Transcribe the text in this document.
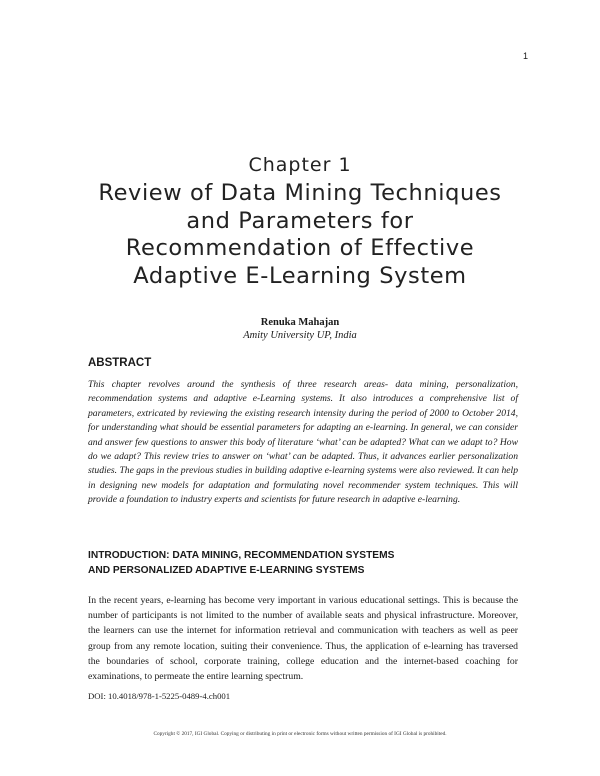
1
Chapter 1
Review of Data Mining Techniques and Parameters for Recommendation of Effective Adaptive E-Learning System
Renuka Mahajan
Amity University UP, India
ABSTRACT
This chapter revolves around the synthesis of three research areas- data mining, personalization, recommendation systems and adaptive e-Learning systems. It also introduces a comprehensive list of parameters, extricated by reviewing the existing research intensity during the period of 2000 to October 2014, for understanding what should be essential parameters for adapting an e-learning. In general, we can consider and answer few questions to answer this body of literature ‘what’ can be adapted? What can we adapt to? How do we adapt? This review tries to answer on ‘what’ can be adapted. Thus, it advances earlier personalization studies. The gaps in the previous studies in building adaptive e-learning systems were also reviewed. It can help in designing new models for adaptation and formulating novel recommender system techniques. This will provide a foundation to industry experts and scientists for future research in adaptive e-learning.
INTRODUCTION: DATA MINING, RECOMMENDATION SYSTEMS
AND PERSONALIZED ADAPTIVE E-LEARNING SYSTEMS
In the recent years, e-learning has become very important in various educational settings. This is because the number of participants is not limited to the number of available seats and physical infrastructure. Moreover, the learners can use the internet for information retrieval and communication with teachers as well as peer group from any remote location, suiting their convenience. Thus, the application of e-learning has traversed the boundaries of school, corporate training, college education and the internet-based coaching for examinations, to permeate the entire learning spectrum.
DOI: 10.4018/978-1-5225-0489-4.ch001
Copyright © 2017, IGI Global. Copying or distributing in print or electronic forms without written permission of IGI Global is prohibited.
